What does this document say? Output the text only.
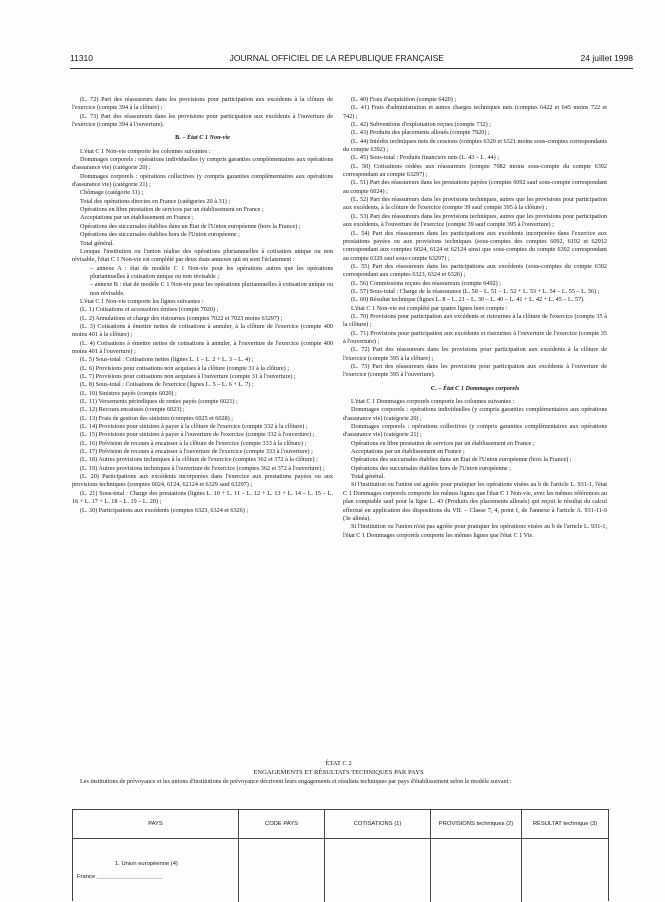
11310	JOURNAL OFFICIEL DE LA RÉPUBLIQUE FRANÇAISE	24 juillet 1998

(L. 72) Part des réassureurs dans les provisions pour participation aux excédents à la clôture de l'exercice (compte 394 à la clôture) ;

(L. 73) Part des réassureurs dans les provisions pour participation aux excédents à l'ouverture de l'exercice (compte 394 à l'ouverture).

B. – État C 1 Non-vie

L'état C 1 Non-vie comporte les colonnes suivantes :

Dommages corporels : opérations individuelles (y compris garanties complémentaires aux opérations d'assurance vie) (catégorie 20) ;

Dommages corporels : opérations collectives (y compris garanties complémentaires aux opérations d'assurance vie) (catégorie 21) ;

Chômage (catégorie 31) ;

Total des opérations directes en France (catégories 20 à 31) ;

Opérations en libre prestation de services par un établissement en France ;

Acceptations par un établissement en France ;

Opérations des succursales établies dans un État de l'Union européenne (hors la France) ;

Opérations des succursales établies hors de l'Union européenne ;

Total général.

Lorsque l'institution ou l'union réalise des opérations pluriannuelles à cotisation unique ou non révisable, l'état C 1 Non-vie est complété par deux états annexes qui en sont l'éclatement :

– annexe A : état de modèle C 1 Non-vie pour les opérations autres que les opérations pluriannuelles à cotisation unique ou non révisable ;

– annexe B : état de modèle C 1 Non-vie pour les opérations pluriannuelles à cotisation unique ou non révisable.

L'état C 1 Non-vie comporte les lignes suivantes :

(L. 1) Cotisations et accessoires émises (compte 7020) ;

(L. 2) Annulations et charge des ristournes (comptes 7022 et 7023 moins 63297) ;

(L. 3) Cotisations à émettre nettes de cotisations à annuler, à la clôture de l'exercice (compte 400 moins 401 à la clôture) ;

(L. 4) Cotisations à émettre nettes de cotisations à annuler, à l'ouverture de l'exercice (compte 400 moins 401 à l'ouverture) ;

(L. 5) Sous-total : Cotisations nettes (lignes L. 1 – L. 2 + L. 3 – L. 4) ;

(L. 6) Provisions pour cotisations non acquises à la clôture (compte 31 à la clôture) ;

(L. 7) Provisions pour cotisations non acquises à l'ouverture (compte 31 à l'ouverture) ;

(L. 8) Sous-total : Cotisations de l'exercice (lignes L. 5 – L. 6 + L. 7) ;

(L. 10) Sinistres payés (compte 6020) ;

(L. 11) Versements périodiques de rentes payés (compte 6021) ;

(L. 12) Recours encaissés (compte 6023) ;

(L. 13) Frais de gestion des sinistres (comptes 6025 et 6028) ;

(L. 14) Provisions pour sinistres à payer à la clôture de l'exercice (compte 332 à la clôture) ;

(L. 15) Provisions pour sinistres à payer à l'ouverture de l'exercice (compte 332 à l'ouverture) ;

(L. 16) Prévision de recours à encaisser à la clôture de l'exercice (compte 333 à la clôture) ;

(L. 17) Prévision de recours à encaisser à l'ouverture de l'exercice (compte 333 à l'ouverture) ;

(L. 18) Autres provisions techniques à la clôture de l'exercice (comptes 362 et 372 à la clôture) ;

(L. 19) Autres provisions techniques à l'ouverture de l'exercice (comptes 362 et 372 à l'ouverture) ;

(L. 20) Participations aux excédents incorporées dans l'exercice aux prestations payées ou aux provisions techniques (comptes 6024, 6124, 62124 et 6329 sauf 63297) ;

(L. 21) Sous-total : Charge des prestations (lignes L. 10 + L. 11 – L. 12 + L. 13 + L. 14 – L. 15 – L. 16 + L. 17 + L. 18 – L. 19 – L. 20) ;

(L. 30) Participations aux excédents (comptes 6323, 6324 et 6326) ;

(L. 40) Frais d'acquisition (compte 6420) ;

(L. 41) Frais d'administration et autres charges techniques nets (comptes 6422 et 645 moins 722 et 742) ;

(L. 42) Subventions d'exploitation reçues (compte 732) ;

(L. 43) Produits des placements alloués (compte 7920) ;

(L. 44) Intérêts techniques nets de cessions (comptes 6320 et 6321 moins sous-comptes correspondants du compte 6392) ;

(L. 45) Sous-total : Produits financiers nets (L. 43 – L. 44) ;

(L. 50) Cotisations cédées aux réassureurs (compte 7082 moins sous-compte du compte 6392 correspondant au compte 63297) ;

(L. 51) Part des réassureurs dans les prestations payées (comptes 6092 sauf sous-compte correspondant au compte 6024) ;

(L. 52) Part des réassureurs dans les provisions techniques, autres que les provisions pour participation aux excédents, à la clôture de l'exercice (compte 39 sauf compte 395 à la clôture) ;

(L. 53) Part des réassureurs dans les provisions techniques, autres que les provisions pour participation aux excédents, à l'ouverture de l'exercice (compte 39 sauf compte 395 à l'ouverture) ;

(L. 54) Part des réassureurs dans les participations aux excédents incorporées dans l'exercice aux prestations payées ou aux provisions techniques (sous-comptes des comptes 6092, 6192 et 62912 correspondant aux comptes 6024, 6124 et 62124 ainsi que sous-comptes du compte 6392 correspondant au compte 6329 sauf sous-compte 63297) ;

(L. 55) Part des réassureurs dans les participations aux excédents (sous-comptes du compte 6392 correspondant aux comptes 6323, 6324 et 6326) ;

(L. 56) Commissions reçues des réassureurs (compte 6492) ;

(L. 57) Sous-total : Charge de la réassurance (L. 50 – L. 51 – L. 52 + L. 53 + L. 54 – L. 55 – L. 56) ;

(L. 60) Résultat technique (lignes L. 8 – L. 21 – L. 30 – L. 40 – L. 41 + L. 42 + L. 45 – L. 57).

L'état C 1 Non-vie est complété par quatre lignes hors compte :

(L. 70) Provisions pour participation aux excédents et ristournes à la clôture de l'exercice (compte 35 à la clôture) ;

(L. 71) Provisions pour participation aux excédents et ristournes à l'ouverture de l'exercice (compte 35 à l'ouverture) ;

(L. 72) Part des réassureurs dans les provisions pour participation aux excédents à la clôture de l'exercice (compte 395 à la clôture) ;

(L. 73) Part des réassureurs dans les provisions pour participation aux excédents à l'ouverture de l'exercice (compte 395 à l'ouverture).

C. – État C 1 Dommages corporels

L'état C 1 Dommages corporels comporte les colonnes suivantes :

Dommages corporels : opérations individuelles (y compris garanties complémentaires aux opérations d'assurance vie) (catégorie 20) ;

Dommages corporels : opérations collectives (y compris garanties complémentaires aux opérations d'assurance vie) (catégorie 21) ;

Opérations en libre prestation de services par un établissement en France ;

Acceptations par un établissement en France ;

Opérations des succursales établies dans un État de l'Union européenne (hors la France) ;

Opérations des succursales établies hors de l'Union européenne ;

Total général.

Si l'institution ou l'union est agréée pour pratiquer les opérations visées au b de l'article L. 931-1, l'état C 1 Dommages corporels comporte les mêmes lignes que l'état C 1 Non-vie, avec les mêmes références au plan comptable sauf pour la ligne L. 43 (Produits des placements alloués) qui reçoit le résultat du calcul effectué en application des dispositions du VII. – Classe 7, 4, point f, de l'annexe à l'article A. 931-11-9 (3e alinéa).

Si l'institution ou l'union n'est pas agréée pour pratiquer les opérations visées au b de l'article L. 931-1, l'état C 1 Dommages corporels comporte les mêmes lignes que l'état C 1 Vie.

ÉTAT C 2
ENGAGEMENTS ET RÉSULTATS TECHNIQUES PAR PAYS
Les institutions de prévoyance et les unions d'institutions de prévoyance décrivent leurs engagements et résultats techniques par pays d'établissement selon le modèle suivant :
PAYS	CODE PAYS	COTISATIONS (1)	PROVISIONS techniques (2)	RÉSULTAT technique (3)
1. Union européenne (4)
France ________________________
